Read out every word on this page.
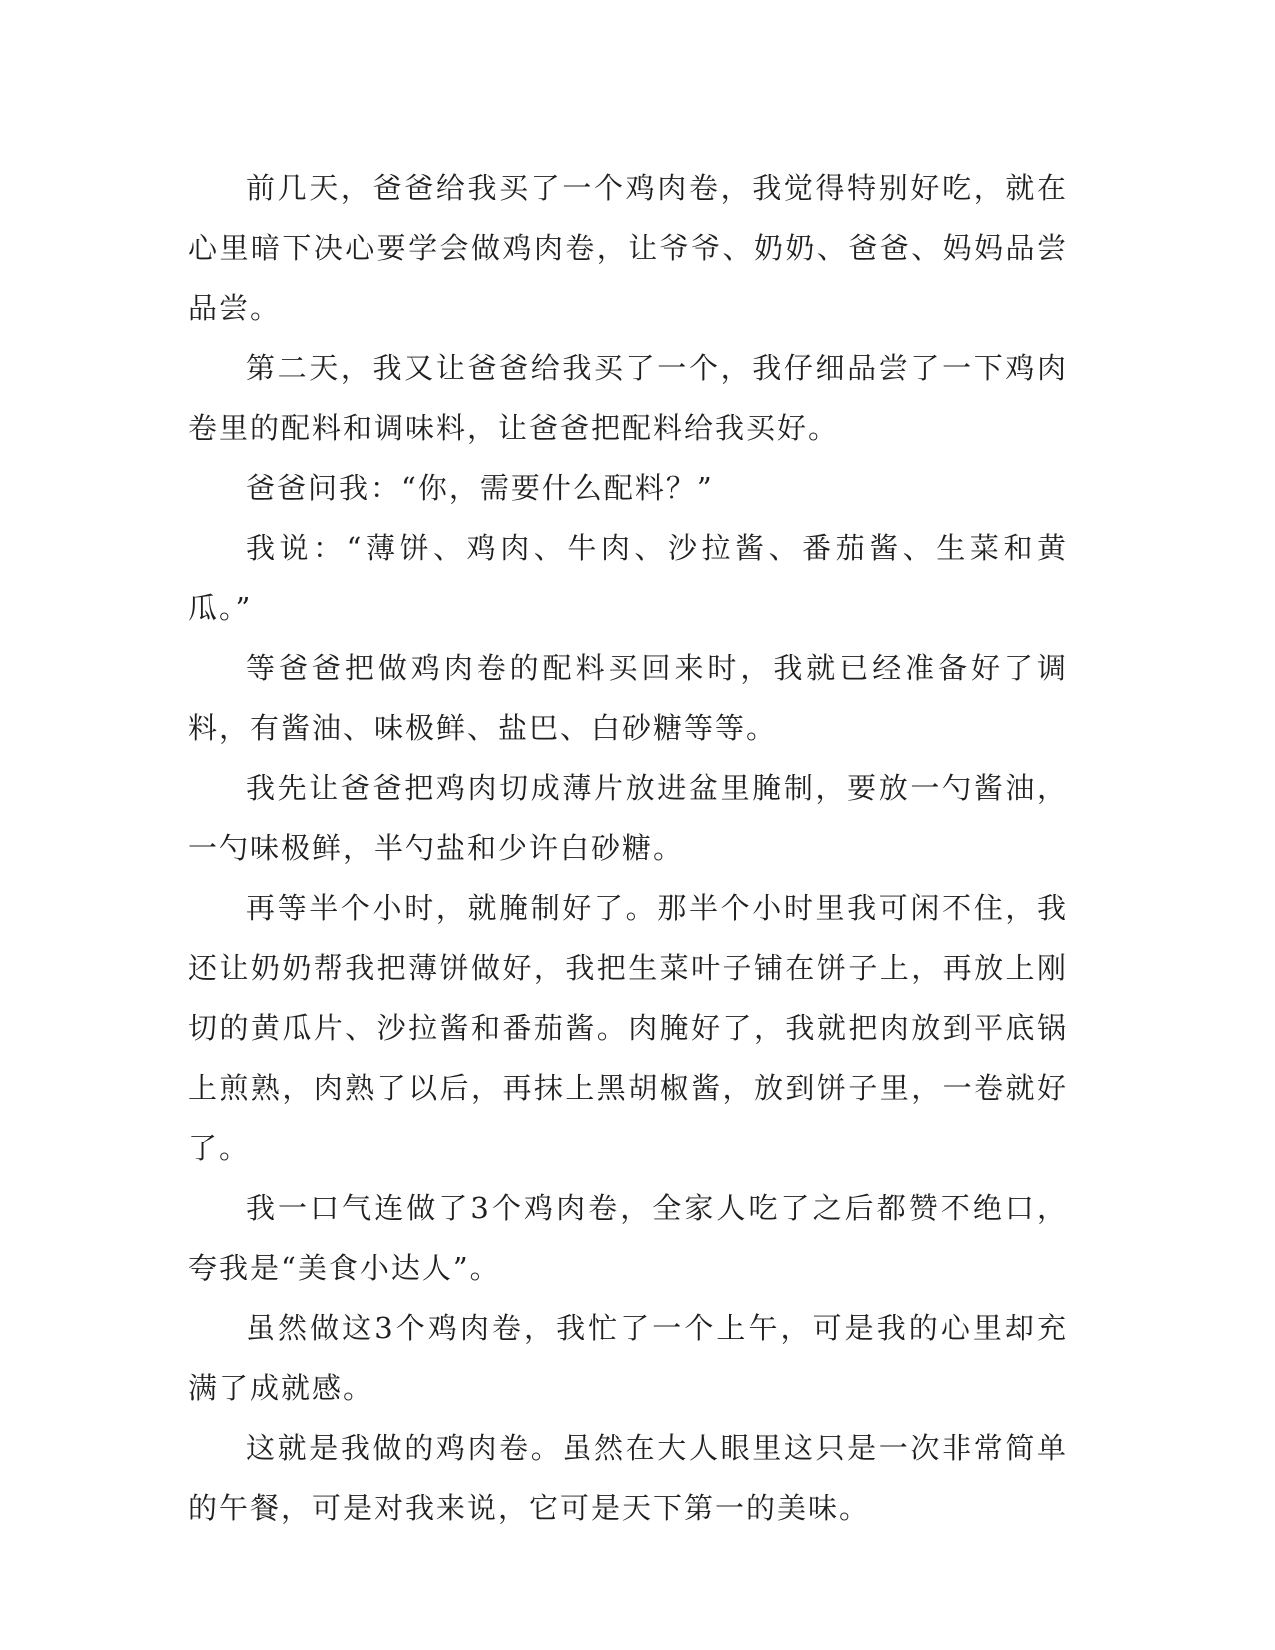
前几天，爸爸给我买了一个鸡肉卷，我觉得特别好吃，就在心里暗下决心要学会做鸡肉卷，让爷爷、奶奶、爸爸、妈妈品尝品尝。

第二天，我又让爸爸给我买了一个，我仔细品尝了一下鸡肉卷里的配料和调味料，让爸爸把配料给我买好。

爸爸问我：“你，需要什么配料？”

我说：“薄饼、鸡肉、牛肉、沙拉酱、番茄酱、生菜和黄瓜。”

等爸爸把做鸡肉卷的配料买回来时，我就已经准备好了调料，有酱油、味极鲜、盐巴、白砂糖等等。

我先让爸爸把鸡肉切成薄片放进盆里腌制，要放一勺酱油，一勺味极鲜，半勺盐和少许白砂糖。

再等半个小时，就腌制好了。那半个小时里我可闲不住，我还让奶奶帮我把薄饼做好，我把生菜叶子铺在饼子上，再放上刚切的黄瓜片、沙拉酱和番茄酱。肉腌好了，我就把肉放到平底锅上煎熟，肉熟了以后，再抹上黑胡椒酱，放到饼子里，一卷就好了。

我一口气连做了3个鸡肉卷，全家人吃了之后都赞不绝口，夸我是“美食小达人”。

虽然做这3个鸡肉卷，我忙了一个上午，可是我的心里却充满了成就感。

这就是我做的鸡肉卷。虽然在大人眼里这只是一次非常简单的午餐，可是对我来说，它可是天下第一的美味。
